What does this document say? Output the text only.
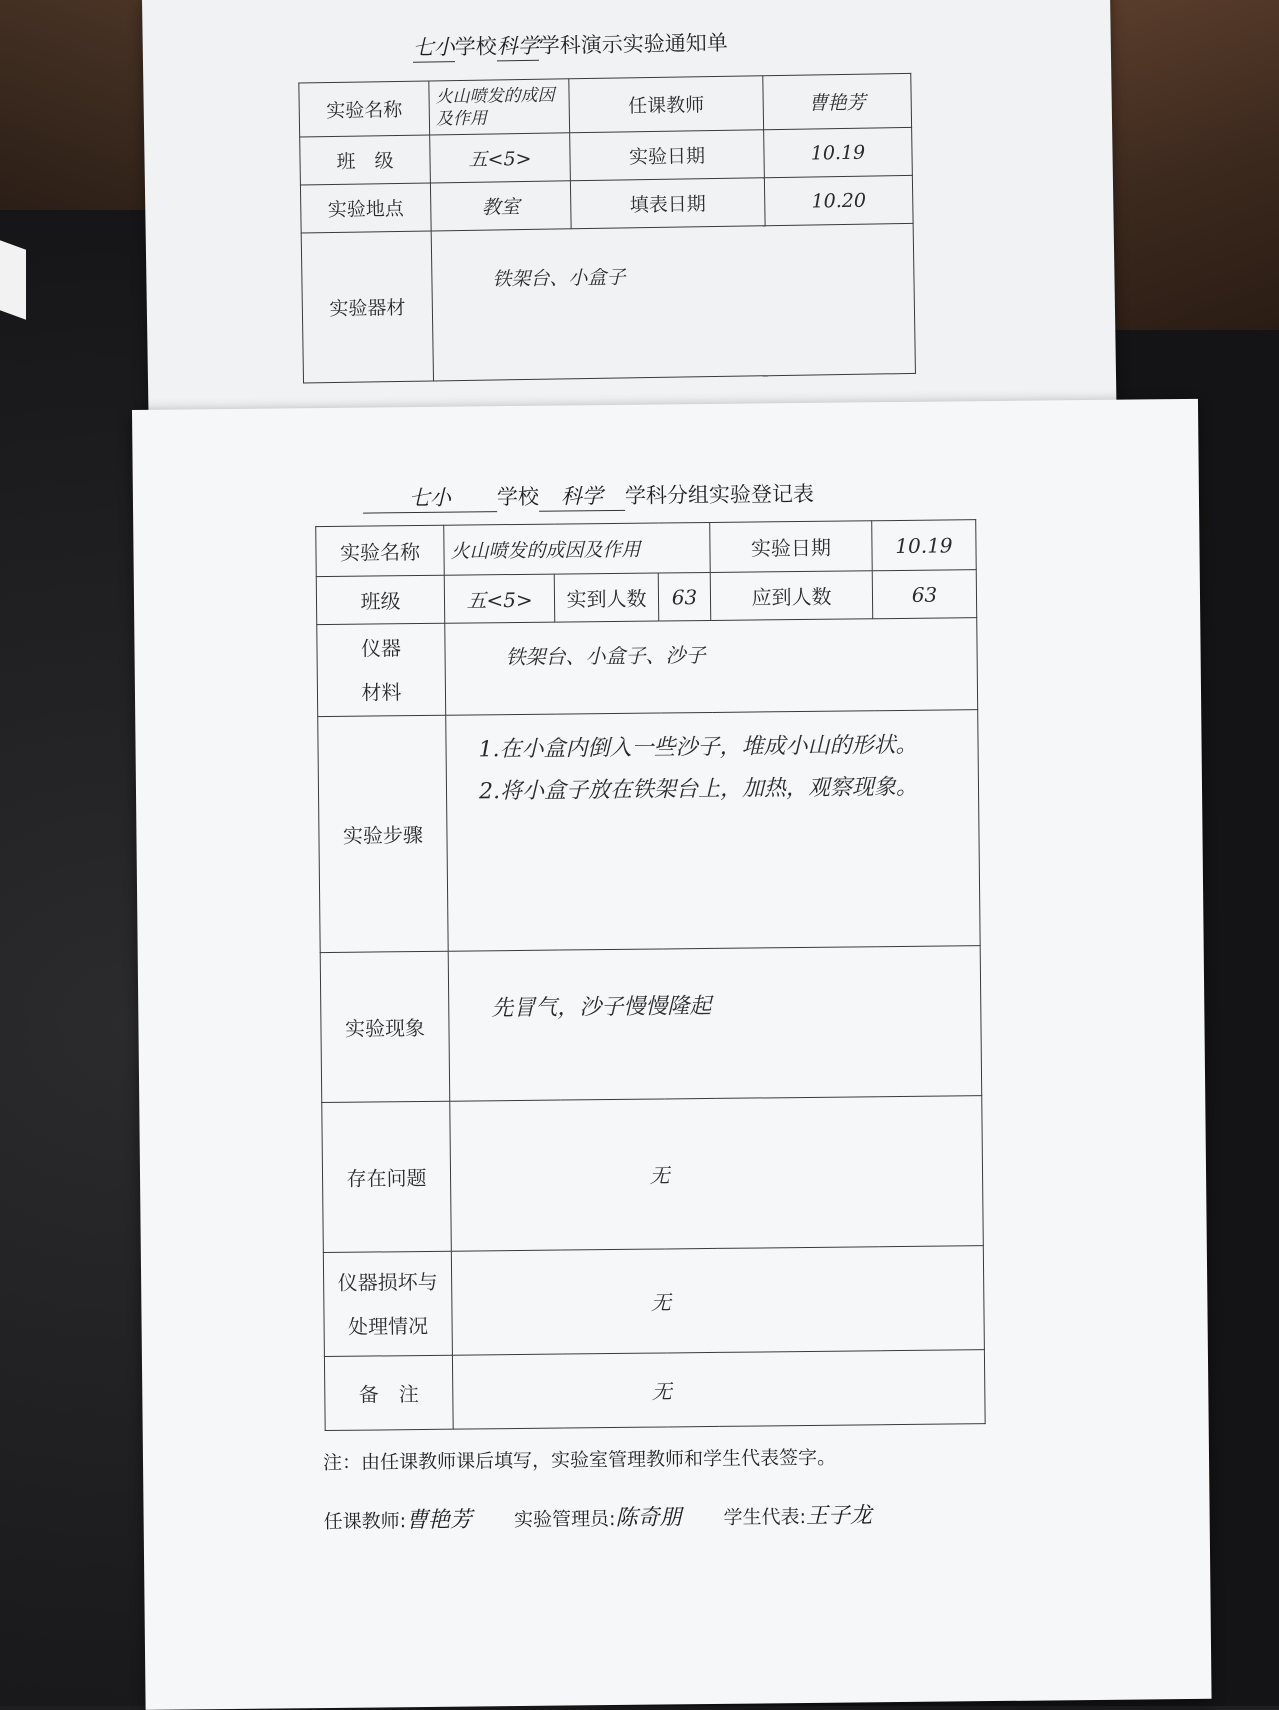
七小学校科学学科演示实验通知单
实验名称	火山喷发的成因及作用	任课教师	曹艳芳
班　级	五<5>	实验日期	10.19
实验地点	教室	填表日期	10.20
实验器材	铁架台、小盒子		
七小 学校 科学 学科分组实验登记表
实验名称	火山喷发的成因及作用			实验日期	10.19
班级	五<5>	实到人数	63	应到人数	63

仪器
材料	铁架台、小盒子、沙子				
实验步骤	1.在小盒内倒入一些沙子，堆成小山的形状。
2.将小盒子放在铁架台上，加热，观察现象。				

实验现象	先冒气，沙子慢慢隆起				
存在问题	无				

仪器损坏与
处理情况	无				
备　注	无				
注：由任课教师课后填写，实验室管理教师和学生代表签字。
任课教师:曹艳芳 实验管理员:陈奇朋 学生代表:王子龙
